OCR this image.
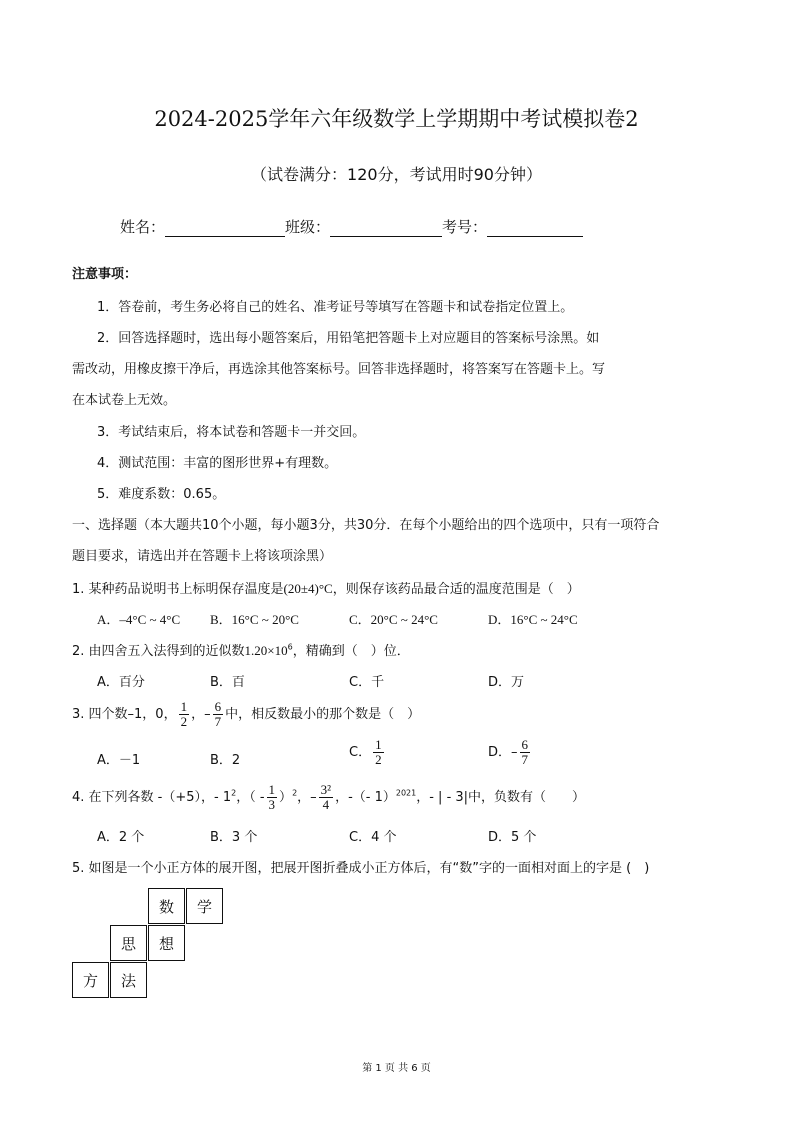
2024-2025学年六年级数学上学期期中考试模拟卷2
（试卷满分：120分，考试用时90分钟）
姓名：	班级：	考号：
注意事项：
1．答卷前，考生务必将自己的姓名、准考证号等填写在答题卡和试卷指定位置上。
2．回答选择题时，选出每小题答案后，用铅笔把答题卡上对应题目的答案标号涂黑。如
需改动，用橡皮擦干净后，再选涂其他答案标号。回答非选择题时，将答案写在答题卡上。写
在本试卷上无效。
3．考试结束后，将本试卷和答题卡一并交回。
4．测试范围：丰富的图形世界+有理数。
5．难度系数：0.65。
一、选择题（本大题共10个小题，每小题3分，共30分．在每个小题给出的四个选项中，只有一项符合
题目要求，请选出并在答题卡上将该项涂黑）
1. 某种药品说明书上标明保存温度是(20±4)°C，则保存该药品最合适的温度范围是（　）
A．–4°C ~ 4°C B．16°C ~ 20°C	C．20°C ~ 24°C	D．16°C ~ 24°C
2. 由四舍五入法得到的近似数$1.20\times 10^6$，精确到（　）位．
A．百分	B．百	C．千	D．万
3. 四个数–1，0， $\frac{1}{2}$ ，– $\frac{6}{7}$ 中，相反数最小的那个数是（　）
A．－1	B．2
C． $\frac{1}{2}$	D．– $\frac{6}{7}$
4. 在下列各数 -（+5），- $1^2$，（ - $\frac{1}{3} )^2$，– $\frac{\text{3²}}{4}$ ，-（- 1）$^{2021}$，- | - 3|中，负数有（　　）
A．2 个	B．3 个	C．4 个	D．5 个
5. 如图是一个小正方体的展开图，把展开图折叠成小正方体后，有“数”字的一面相对面上的字是 (　)
数	学
思	想
方	法
第 1 页 共 6 页
